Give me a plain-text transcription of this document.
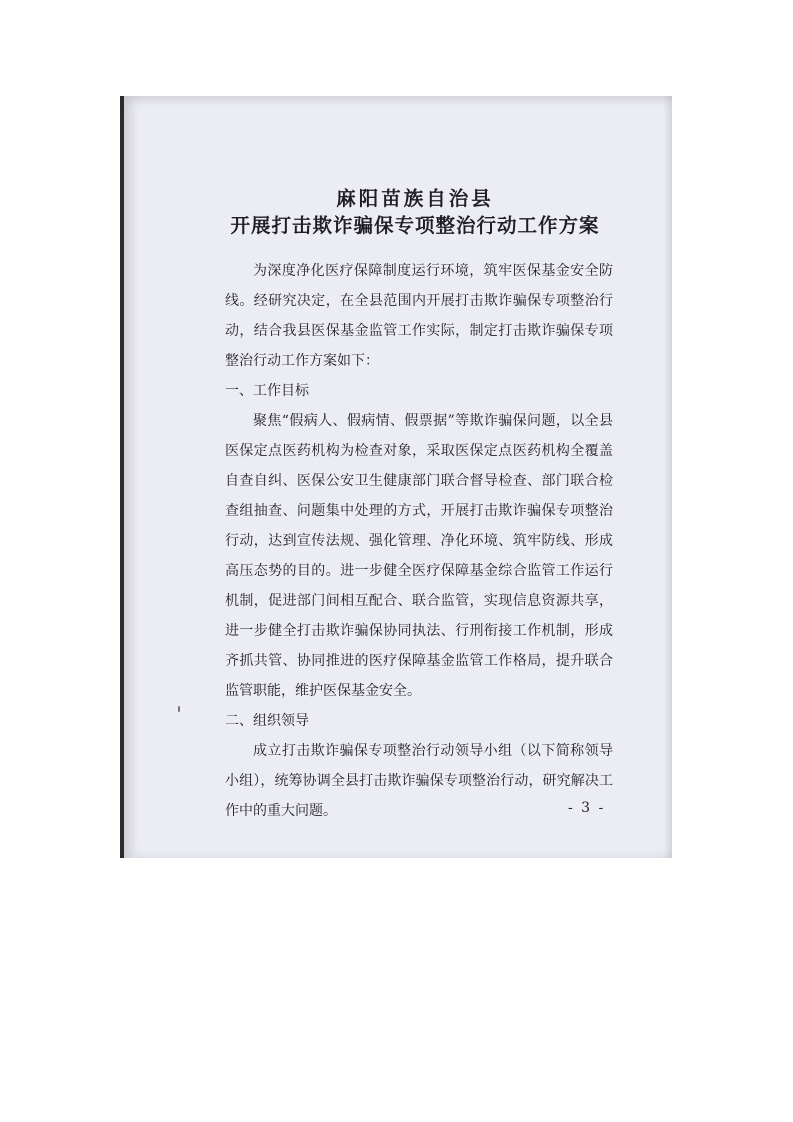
麻阳苗族自治县
开展打击欺诈骗保专项整治行动工作方案

为深度净化医疗保障制度运行环境，筑牢医保基金安全防线。经研究决定，在全县范围内开展打击欺诈骗保专项整治行动，结合我县医保基金监管工作实际，制定打击欺诈骗保专项整治行动工作方案如下：

一、工作目标

聚焦“假病人、假病情、假票据”等欺诈骗保问题，以全县医保定点医药机构为检查对象，采取医保定点医药机构全覆盖自查自纠、医保公安卫生健康部门联合督导检查、部门联合检查组抽查、问题集中处理的方式，开展打击欺诈骗保专项整治行动，达到宣传法规、强化管理、净化环境、筑牢防线、形成高压态势的目的。进一步健全医疗保障基金综合监管工作运行机制，促进部门间相互配合、联合监管，实现信息资源共享，进一步健全打击欺诈骗保协同执法、行刑衔接工作机制，形成齐抓共管、协同推进的医疗保障基金监管工作格局，提升联合监管职能，维护医保基金安全。

二、组织领导

成立打击欺诈骗保专项整治行动领导小组（以下简称领导小组），统筹协调全县打击欺诈骗保专项整治行动，研究解决工作中的重大问题。	- 3 -
